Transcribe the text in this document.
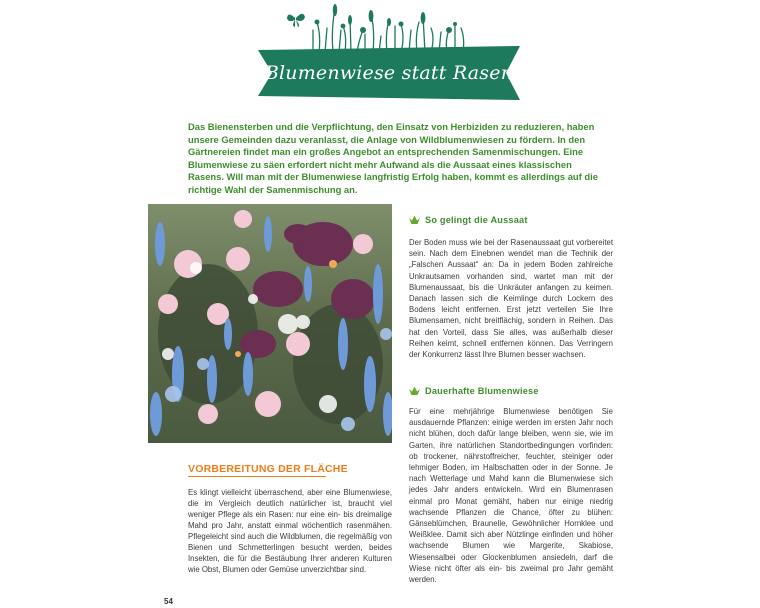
Blumenwiese statt Rasen

Das Bienensterben und die Verpflichtung, den Einsatz von Herbiziden zu reduzieren, haben unsere Gemeinden dazu veranlasst, die Anlage von Wildblumenwiesen zu fördern. In den Gärtnereien findet man ein großes Angebot an entsprechenden Samenmischungen. Eine Blumenwiese zu säen erfordert nicht mehr Aufwand als die Aussaat eines klassischen Rasens. Will man mit der Blumenwiese langfristig Erfolg haben, kommt es allerdings auf die richtige Wahl der Samenmischung an.

VORBEREITUNG DER FLÄCHE
Es klingt vielleicht überraschend, aber eine Blumenwiese, die im Vergleich deutlich natürlicher ist, braucht viel weniger Pflege als ein Rasen: nur eine ein- bis dreimalige Mahd pro Jahr, anstatt einmal wöchentlich rasenmähen. Pflegeleicht sind auch die Wildblumen, die regelmäßig von Bienen und Schmetterlingen besucht werden, beides Insekten, die für die Bestäubung Ihrer anderen Kulturen wie Obst, Blumen oder Gemüse unverzichtbar sind.
So gelingt die Aussaat

Der Boden muss wie bei der Rasenaussaat gut vorbereitet sein. Nach dem Einebnen wendet man die Technik der „Falschen Aussaat“ an: Da in jedem Boden zahlreiche Unkrautsamen vorhanden sind, wartet man mit der Blumenaussaat, bis die Unkräuter anfangen zu keimen. Danach lassen sich die Keimlinge durch Lockern des Bodens leicht entfernen. Erst jetzt verteilen Sie Ihre Blumensamen, nicht breitflächig, sondern in Reihen. Das hat den Vorteil, dass Sie alles, was außerhalb dieser Reihen keimt, schnell entfernen können. Das Verringern der Konkurrenz lässt Ihre Blumen besser wachsen.

Dauerhafte Blumenwiese

Für eine mehrjährige Blumenwiese benötigen Sie ausdauernde Pflanzen: einige werden im ersten Jahr noch nicht blühen, doch dafür lange bleiben, wenn sie, wie im Garten, ihre natürlichen Standortbedingungen vorfinden: ob trockener, nährstoffreicher, feuchter, steiniger oder lehmiger Boden, im Halbschatten oder in der Sonne. Je nach Wetterlage und Mahd kann die Blumenwiese sich jedes Jahr anders entwickeln. Wird ein Blumenrasen einmal pro Monat gemäht, haben nur einige niedrig wachsende Pflanzen die Chance, öfter zu blühen: Gänseblümchen, Braunelle, Gewöhnlicher Hornklee und Weißklee. Damit sich aber Nützlinge einfinden und höher wachsende Blumen wie Margerite, Skabiose, Wiesensalbei oder Glockenblumen ansiedeln, darf die Wiese nicht öfter als ein- bis zweimal pro Jahr gemäht werden.

54
